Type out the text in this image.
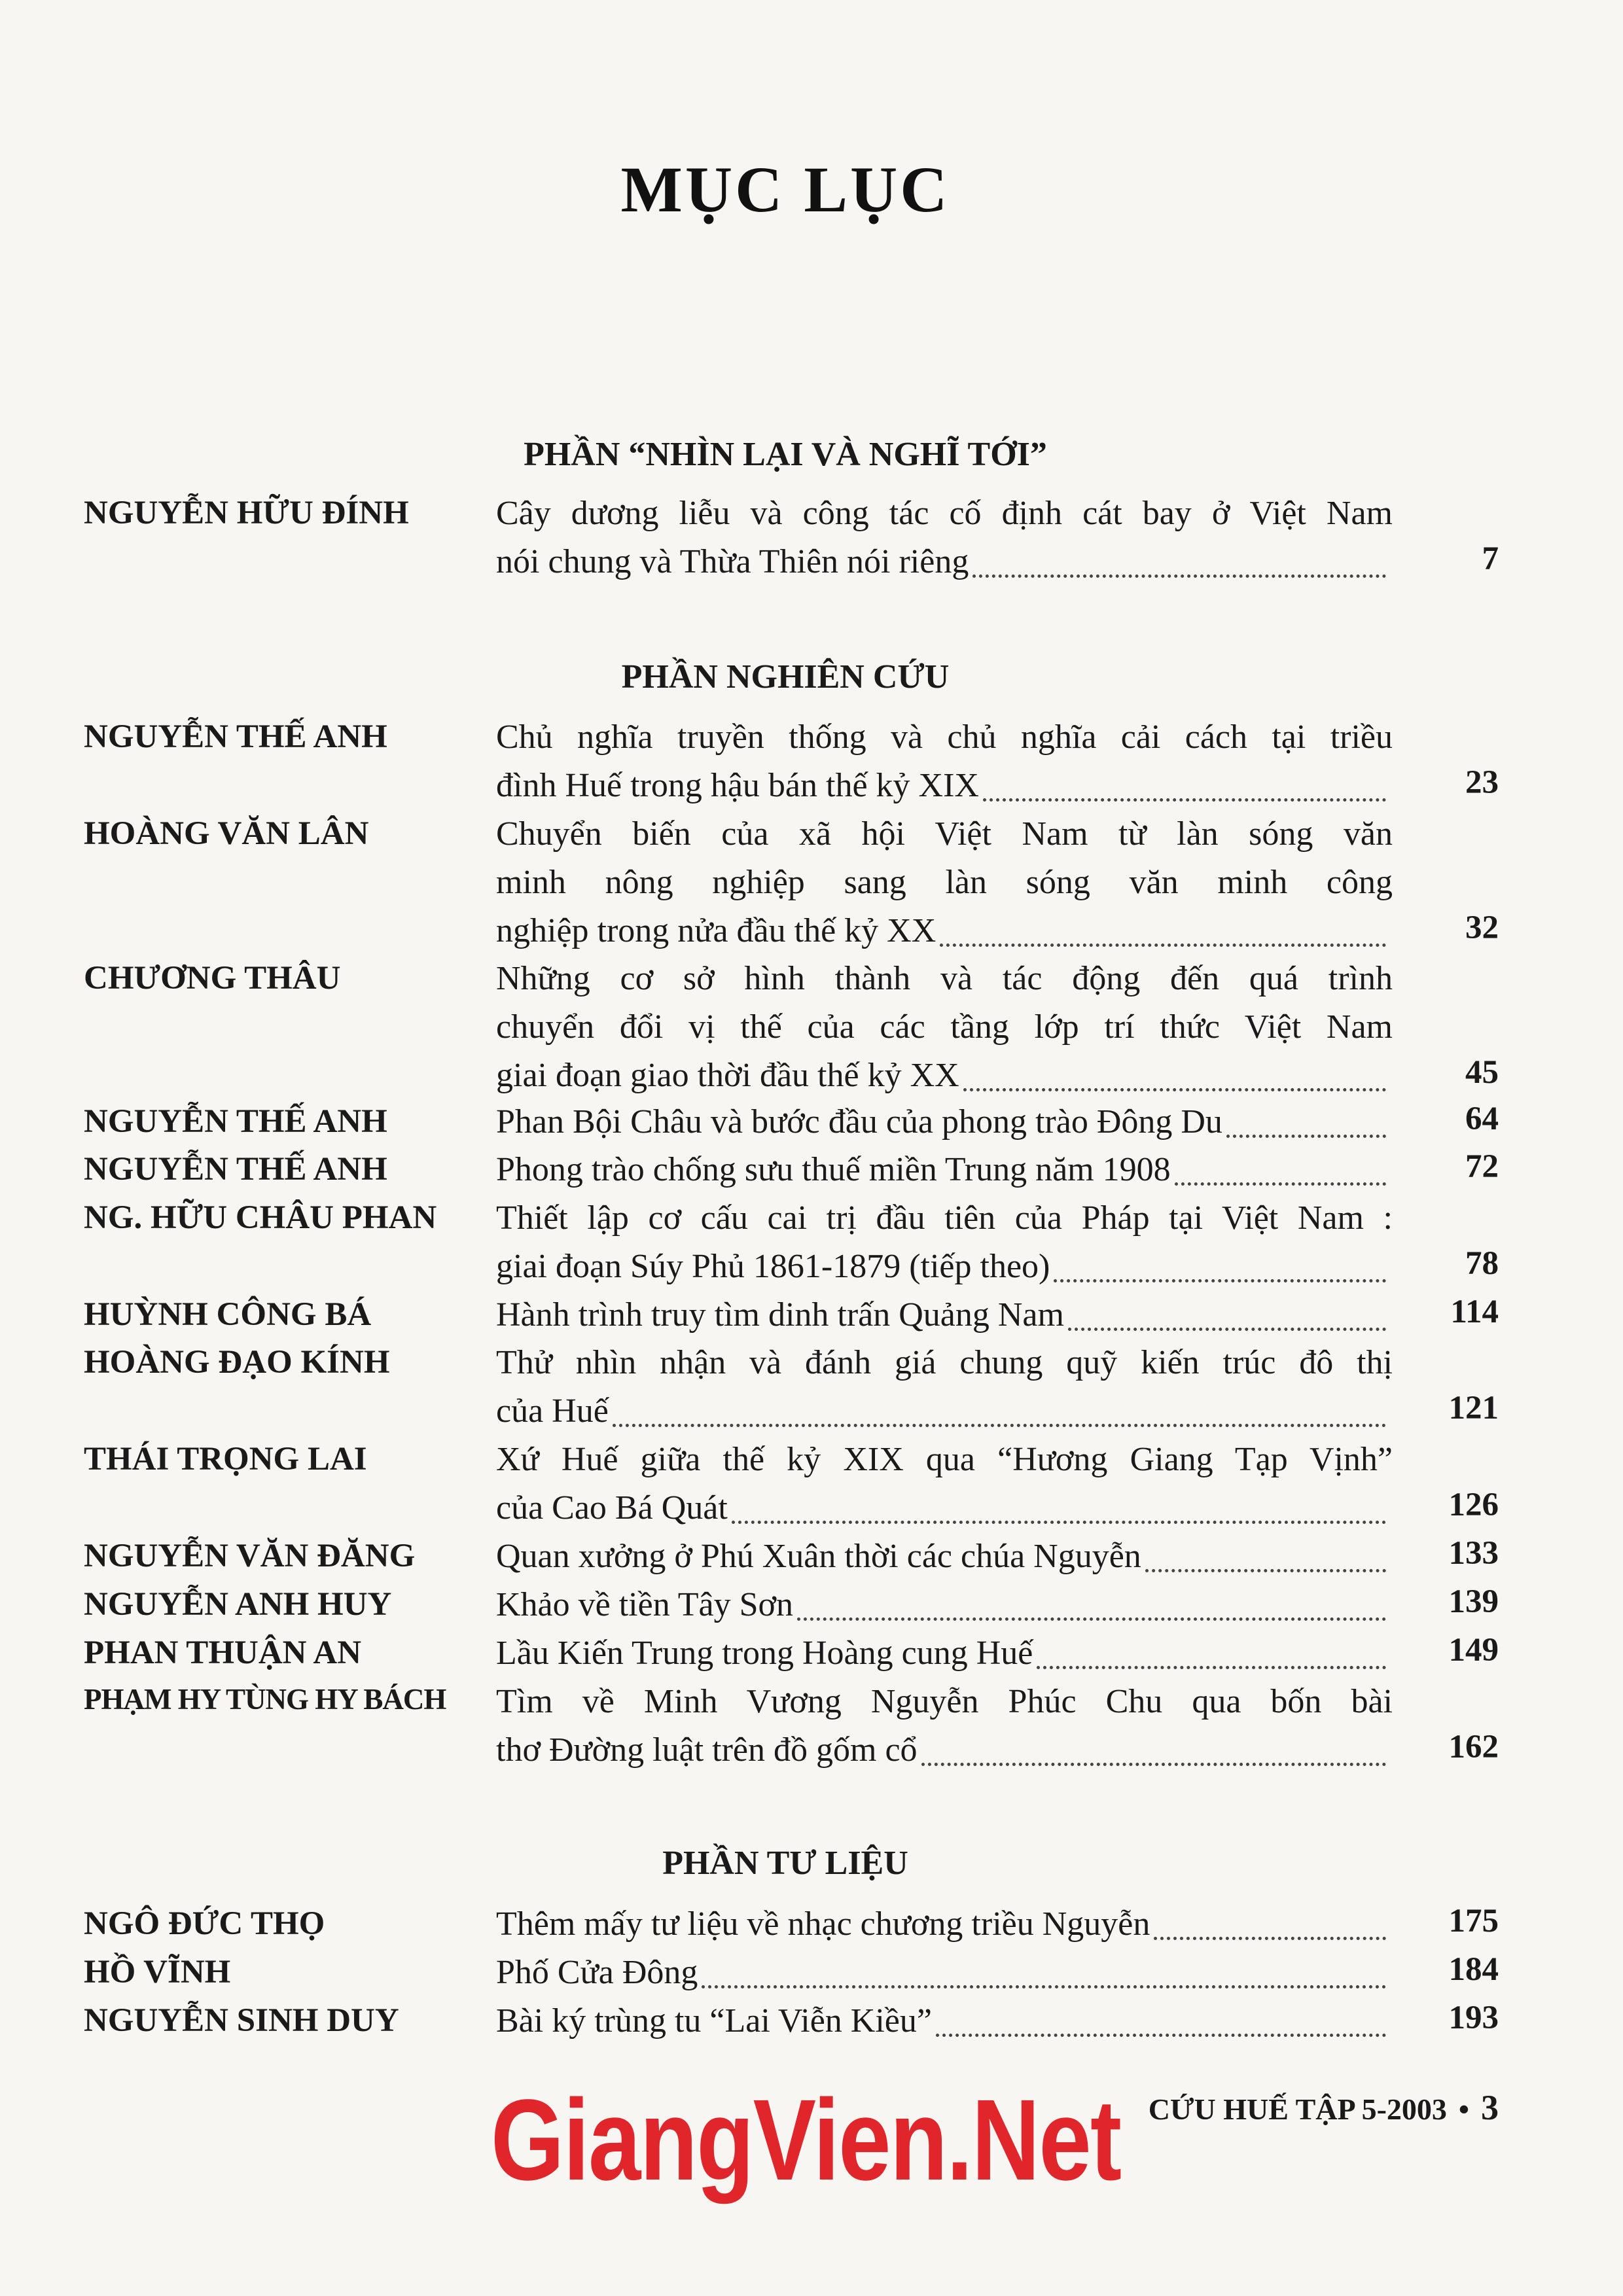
MỤC LỤC
PHẦN “NHÌN LẠI VÀ NGHĨ TỚI”
NGUYỄN HỮU ĐÍNH	Cây dương liễu và công tác cố định cát bay ở Việt Nam
nói chung và Thừa Thiên nói riêng	7
PHẦN NGHIÊN CỨU
NGUYỄN THẾ ANH	Chủ nghĩa truyền thống và chủ nghĩa cải cách tại triều
đình Huế trong hậu bán thế kỷ XIX	23
HOÀNG VĂN LÂN	Chuyển biến của xã hội Việt Nam từ làn sóng văn
minh nông nghiệp sang làn sóng văn minh công
nghiệp trong nửa đầu thế kỷ XX	32
CHƯƠNG THÂU	Những cơ sở hình thành và tác động đến quá trình
chuyển đổi vị thế của các tầng lớp trí thức Việt Nam
giai đoạn giao thời đầu thế kỷ XX	45
NGUYỄN THẾ ANH	Phan Bội Châu và bước đầu của phong trào Đông Du	64
NGUYỄN THẾ ANH	Phong trào chống sưu thuế miền Trung năm 1908	72
NG. HỮU CHÂU PHAN	Thiết lập cơ cấu cai trị đầu tiên của Pháp tại Việt Nam :
giai đoạn Súy Phủ 1861-1879 (tiếp theo)	78
HUỲNH CÔNG BÁ	Hành trình truy tìm dinh trấn Quảng Nam	114
HOÀNG ĐẠO KÍNH	Thử nhìn nhận và đánh giá chung quỹ kiến trúc đô thị
của Huế	121
THÁI TRỌNG LAI	Xứ Huế giữa thế kỷ XIX qua “Hương Giang Tạp Vịnh”
của Cao Bá Quát	126
NGUYỄN VĂN ĐĂNG	Quan xưởng ở Phú Xuân thời các chúa Nguyễn	133
NGUYỄN ANH HUY	Khảo về tiền Tây Sơn	139
PHAN THUẬN AN	Lầu Kiến Trung trong Hoàng cung Huế	149
PHẠM HY TÙNG HY BÁCH	Tìm về Minh Vương Nguyễn Phúc Chu qua bốn bài
thơ Đường luật trên đồ gốm cổ	162
PHẦN TƯ LIỆU
NGÔ ĐỨC THỌ	Thêm mấy tư liệu về nhạc chương triều Nguyễn	175
HỒ VĨNH	Phố Cửa Đông	184
NGUYỄN SINH DUY	Bài ký trùng tu “Lai Viễn Kiều”	193
CỨU HUẾ TẬP 5-2003 • 3
GiangVien.Net
